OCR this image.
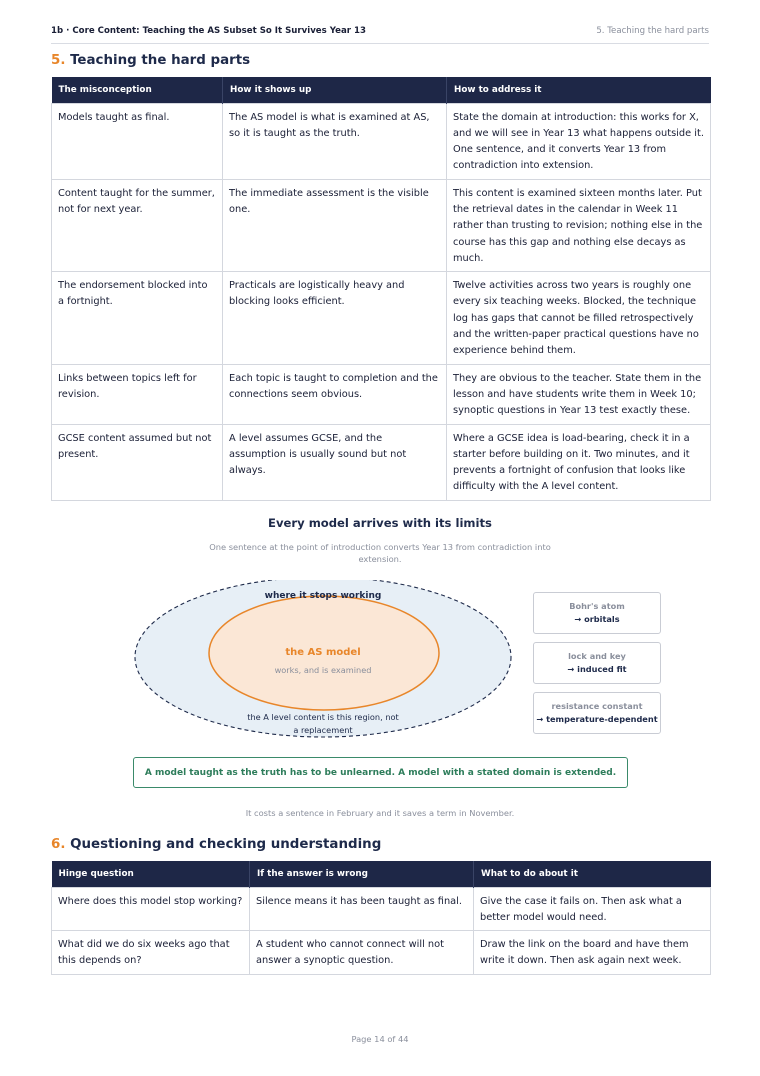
1b · Core Content: Teaching the AS Subset So It Survives Year 13	5. Teaching the hard parts
5. Teaching the hard parts
The misconception	How it shows up	How to address it
Models taught as final.	The AS model is what is examined at AS, so it is taught as the truth.	State the domain at introduction: this works for X, and we will see in Year 13 what happens outside it. One sentence, and it converts Year 13 from contradiction into extension.
Content taught for the summer, not for next year.	The immediate assessment is the visible one.	This content is examined sixteen months later. Put the retrieval dates in the calendar in Week 11 rather than trusting to revision; nothing else in the course has this gap and nothing else decays as much.
The endorsement blocked into a fortnight.	Practicals are logistically heavy and blocking looks efficient.	Twelve activities across two years is roughly one every six teaching weeks. Blocked, the technique log has gaps that cannot be filled retrospectively and the written-paper practical questions have no experience behind them.
Links between topics left for revision.	Each topic is taught to completion and the connections seem obvious.	They are obvious to the teacher. State them in the lesson and have students write them in Week 10; synoptic questions in Year 13 test exactly these.
GCSE content assumed but not present.	A level assumes GCSE, and the assumption is usually sound but not always.	Where a GCSE idea is load-bearing, check it in a starter before building on it. Two minutes, and it prevents a fortnight of confusion that looks like difficulty with the A level content.
Every model arrives with its limits
One sentence at the point of introduction converts Year 13 from contradiction into extension.
where it stops working
the AS model
works, and is examined
the A level content is this region, not
a replacement
Bohr's atom
→ orbitals
lock and key
→ induced fit
resistance constant
→ temperature-dependent
A model taught as the truth has to be unlearned. A model with a stated domain is extended.
It costs a sentence in February and it saves a term in November.
6. Questioning and checking understanding
Hinge question	If the answer is wrong	What to do about it
Where does this model stop working?	Silence means it has been taught as final.	Give the case it fails on. Then ask what a better model would need.
What did we do six weeks ago that this depends on?	A student who cannot connect will not answer a synoptic question.	Draw the link on the board and have them write it down. Then ask again next week.
Page 14 of 44
